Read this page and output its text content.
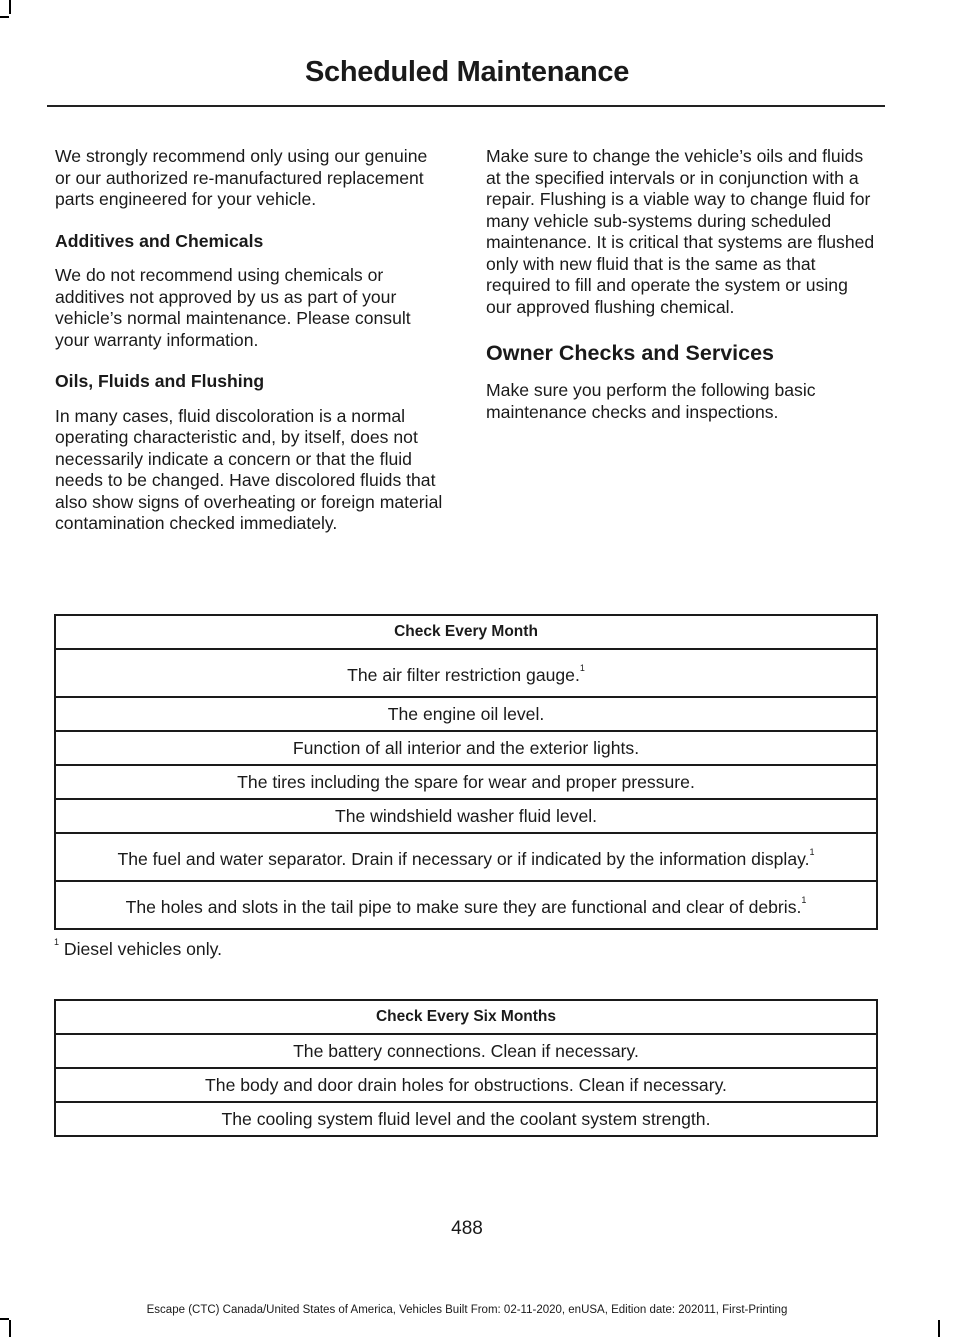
Scheduled Maintenance

We strongly recommend only using our genuine or our authorized re-manufactured replacement parts engineered for your vehicle.

Additives and Chemicals

We do not recommend using chemicals or additives not approved by us as part of your vehicle’s normal maintenance. Please consult your warranty information.

Oils, Fluids and Flushing

In many cases, fluid discoloration is a normal operating characteristic and, by itself, does not necessarily indicate a concern or that the fluid needs to be changed. Have discolored fluids that also show signs of overheating or foreign material contamination checked immediately.

Make sure to change the vehicle’s oils and fluids at the specified intervals or in conjunction with a repair. Flushing is a viable way to change fluid for many vehicle sub-systems during scheduled maintenance. It is critical that systems are flushed only with new fluid that is the same as that required to fill and operate the system or using our approved flushing chemical.

Owner Checks and Services

Make sure you perform the following basic maintenance checks and inspections.

Check Every Month
The air filter restriction gauge.$^1$
The engine oil level.
Function of all interior and the exterior lights.
The tires including the spare for wear and proper pressure.
The windshield washer fluid level.
The fuel and water separator. Drain if necessary or if indicated by the information display.$^1$
The holes and slots in the tail pipe to make sure they are functional and clear of debris.$^1$
$^1$ Diesel vehicles only.
Check Every Six Months
The battery connections. Clean if necessary.
The body and door drain holes for obstructions. Clean if necessary.
The cooling system fluid level and the coolant system strength.
488
Escape (CTC) Canada/United States of America, Vehicles Built From: 02-11-2020, enUSA, Edition date: 202011, First-Printing
